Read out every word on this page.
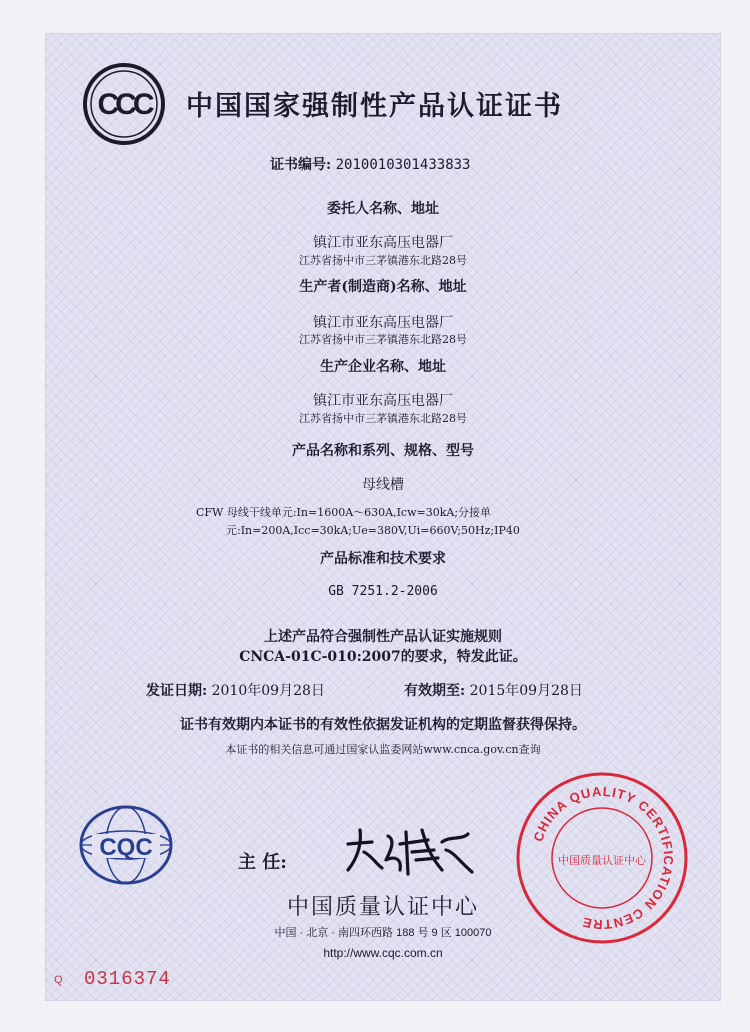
CCC 中国国家强制性产品认证证书
证书编号: 2010010301433833
委托人名称、地址
镇江市亚东高压电器厂
江苏省扬中市三茅镇港东北路28号
生产者(制造商)名称、地址
镇江市亚东高压电器厂
江苏省扬中市三茅镇港东北路28号
生产企业名称、地址
镇江市亚东高压电器厂
江苏省扬中市三茅镇港东北路28号
产品名称和系列、规格、型号
母线槽
CFW 母线干线单元:In=1600A～630A,Icw=30kA;分接单
元:In=200A,Icc=30kA;Ue=380V,Ui=660V;50Hz;IP40
产品标准和技术要求
GB 7251.2-2006
上述产品符合强制性产品认证实施规则
CNCA-01C-010:2007的要求，特发此证。
发证日期: 2010年09月28日	有效期至: 2015年09月28日
证书有效期内本证书的有效性依据发证机构的定期监督获得保持。
本证书的相关信息可通过国家认监委网站www.cnca.gov.cn查询
CQC
主 任:
中国质量认证中心
中国 · 北京 · 南四环西路 188 号 9 区 100070
http://www.cqc.com.cn
CHINA QUALITY CERTIFICATION CENTRE
中国质量认证中心
Q 0316374
